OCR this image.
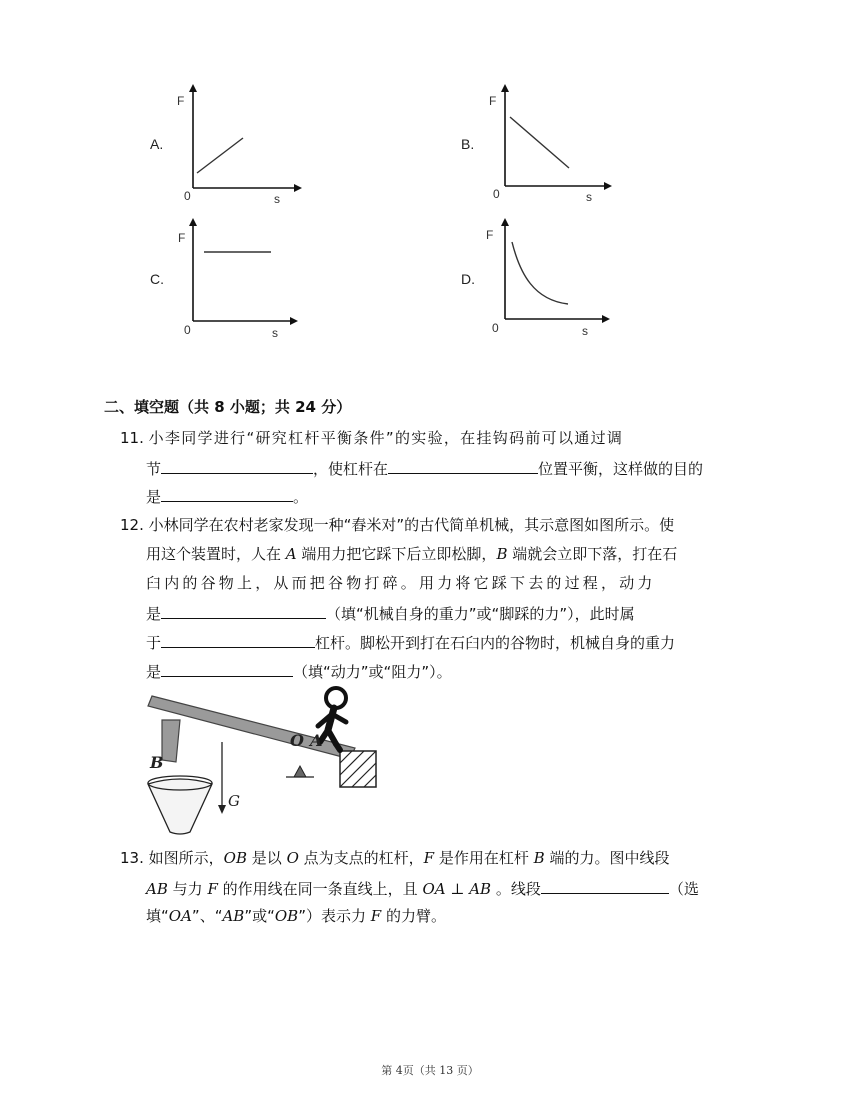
A.
F
s
0
B.
F
s
0
C.
F
s
0
D.
F
s
0
二、填空题（共 8 小题；共 24 分）
11. 小李同学进行“研究杠杆平衡条件”的实验，在挂钩码前可以通过调
节	，使杠杆在	位置平衡，这样做的目的
是	。
12. 小林同学在农村老家发现一种“舂米对”的古代简单机械，其示意图如图所示。使
用这个装置时，人在 A 端用力把它踩下后立即松脚，B 端就会立即下落，打在石
臼内的谷物上，从而把谷物打碎。用力将它踩下去的过程，动力
是	（填“机械自身的重力”或“脚踩的力”），此时属
于	杠杆。脚松开到打在石臼内的谷物时，机械自身的重力
是	（填“动力”或“阻力”）。
B
O A
G
13. 如图所示，OB 是以 O 点为支点的杠杆，F 是作用在杠杆 B 端的力。图中线段
AB 与力 F 的作用线在同一条直线上，且 OA ⊥ AB 。线段	（选
填“OA”、“AB”或“OB”）表示力 F 的力臂。
第 4页（共 13 页）
